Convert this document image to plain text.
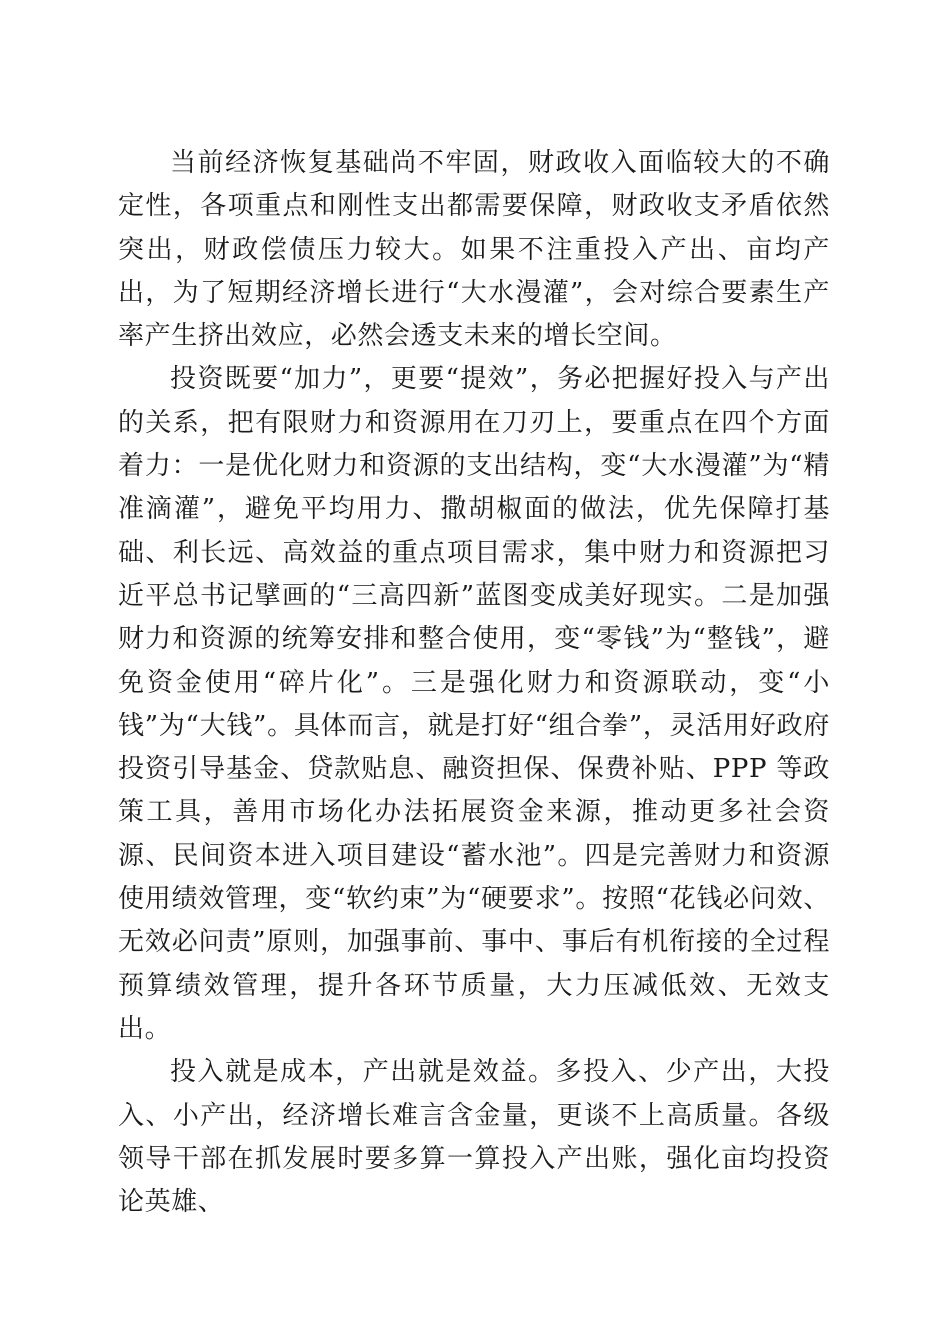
当前经济恢复基础尚不牢固，财政收入面临较大的不确定性，各项重点和刚性支出都需要保障，财政收支矛盾依然突出，财政偿债压力较大。如果不注重投入产出、亩均产出，为了短期经济增长进行“大水漫灌”，会对综合要素生产率产生挤出效应，必然会透支未来的增长空间。

投资既要“加力”，更要“提效”，务必把握好投入与产出的关系，把有限财力和资源用在刀刃上，要重点在四个方面着力：一是优化财力和资源的支出结构，变“大水漫灌”为“精准滴灌”，避免平均用力、撒胡椒面的做法，优先保障打基础、利长远、高效益的重点项目需求，集中财力和资源把习近平总书记擘画的“三高四新”蓝图变成美好现实。二是加强财力和资源的统筹安排和整合使用，变“零钱”为“整钱”，避免资金使用“碎片化”。三是强化财力和资源联动，变“小钱”为“大钱”。具体而言，就是打好“组合拳”，灵活用好政府投资引导基金、贷款贴息、融资担保、保费补贴、PPP 等政策工具，善用市场化办法拓展资金来源，推动更多社会资源、民间资本进入项目建设“蓄水池”。四是完善财力和资源使用绩效管理，变“软约束”为“硬要求”。按照“花钱必问效、无效必问责”原则，加强事前、事中、事后有机衔接的全过程预算绩效管理，提升各环节质量，大力压减低效、无效支出。

投入就是成本，产出就是效益。多投入、少产出，大投入、小产出，经济增长难言含金量，更谈不上高质量。各级领导干部在抓发展时要多算一算投入产出账，强化亩均投资论英雄、
